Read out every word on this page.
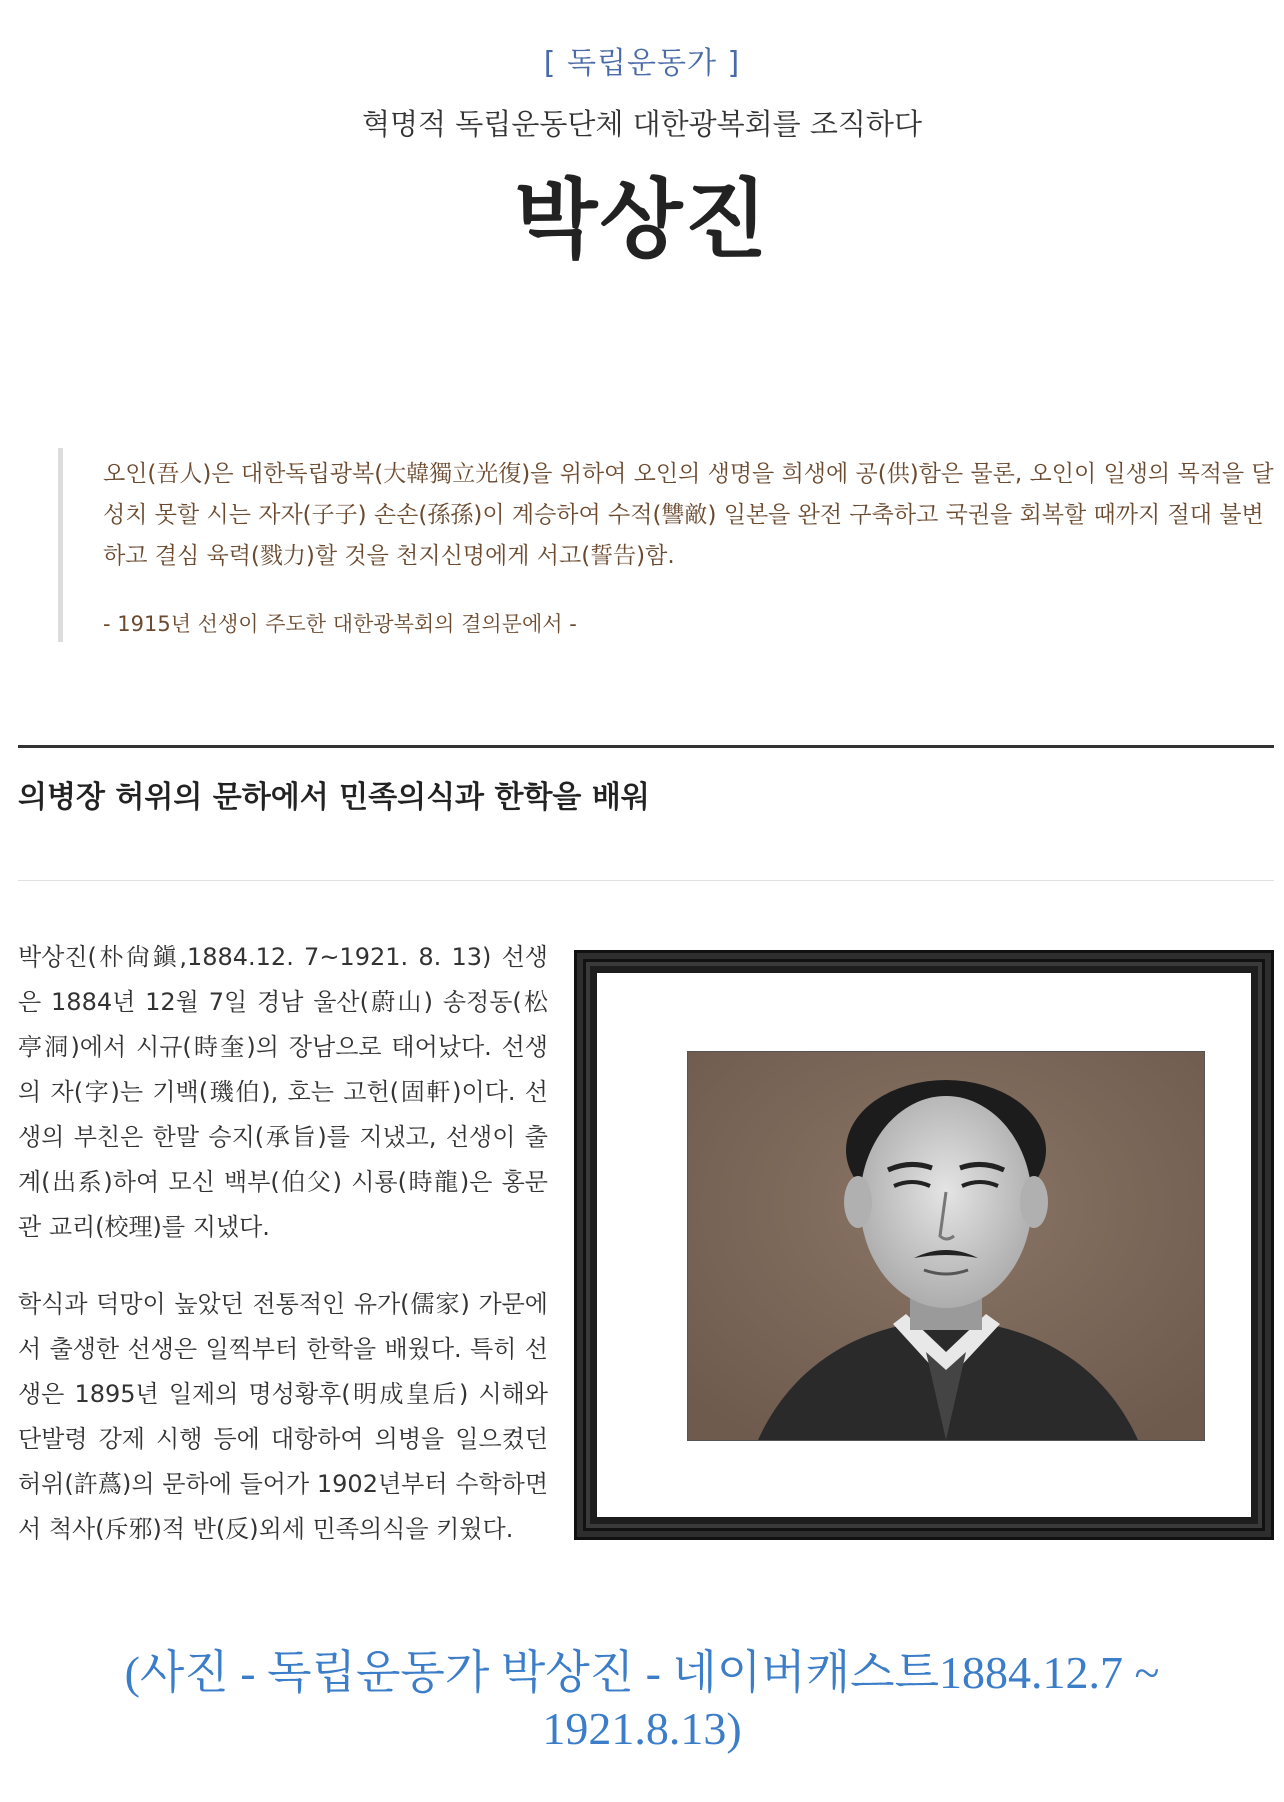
[ 독립운동가 ]
혁명적 독립운동단체 대한광복회를 조직하다
박상진
오인(吾人)은 대한독립광복(大韓獨立光復)을 위하여 오인의 생명을 희생에 공(供)함은 물론, 오인이 일생의 목적을 달성치 못할 시는 자자(子子) 손손(孫孫)이 계승하여 수적(讐敵) 일본을 완전 구축하고 국권을 회복할 때까지 절대 불변하고 결심 육력(戮力)할 것을 천지신명에게 서고(誓告)함.
- 1915년 선생이 주도한 대한광복회의 결의문에서 -
의병장 허위의 문하에서 민족의식과 한학을 배워

박상진(朴尙鎭,1884.12. 7~1921. 8. 13) 선생은 1884년 12월 7일 경남 울산(蔚山) 송정동(松亭洞)에서 시규(時奎)의 장남으로 태어났다. 선생의 자(字)는 기백(璣伯), 호는 고헌(固軒)이다. 선생의 부친은 한말 승지(承旨)를 지냈고, 선생이 출계(出系)하여 모신 백부(伯父) 시룡(時龍)은 홍문관 교리(校理)를 지냈다.

학식과 덕망이 높았던 전통적인 유가(儒家) 가문에서 출생한 선생은 일찍부터 한학을 배웠다. 특히 선생은 1895년 일제의 명성황후(明成皇后) 시해와 단발령 강제 시행 등에 대항하여 의병을 일으켰던 허위(許蔿)의 문하에 들어가 1902년부터 수학하면서 척사(斥邪)적 반(反)외세 민족의식을 키웠다.

(사진 - 독립운동가 박상진 - 네이버캐스트1884.12.7 ~ 1921.8.13)
